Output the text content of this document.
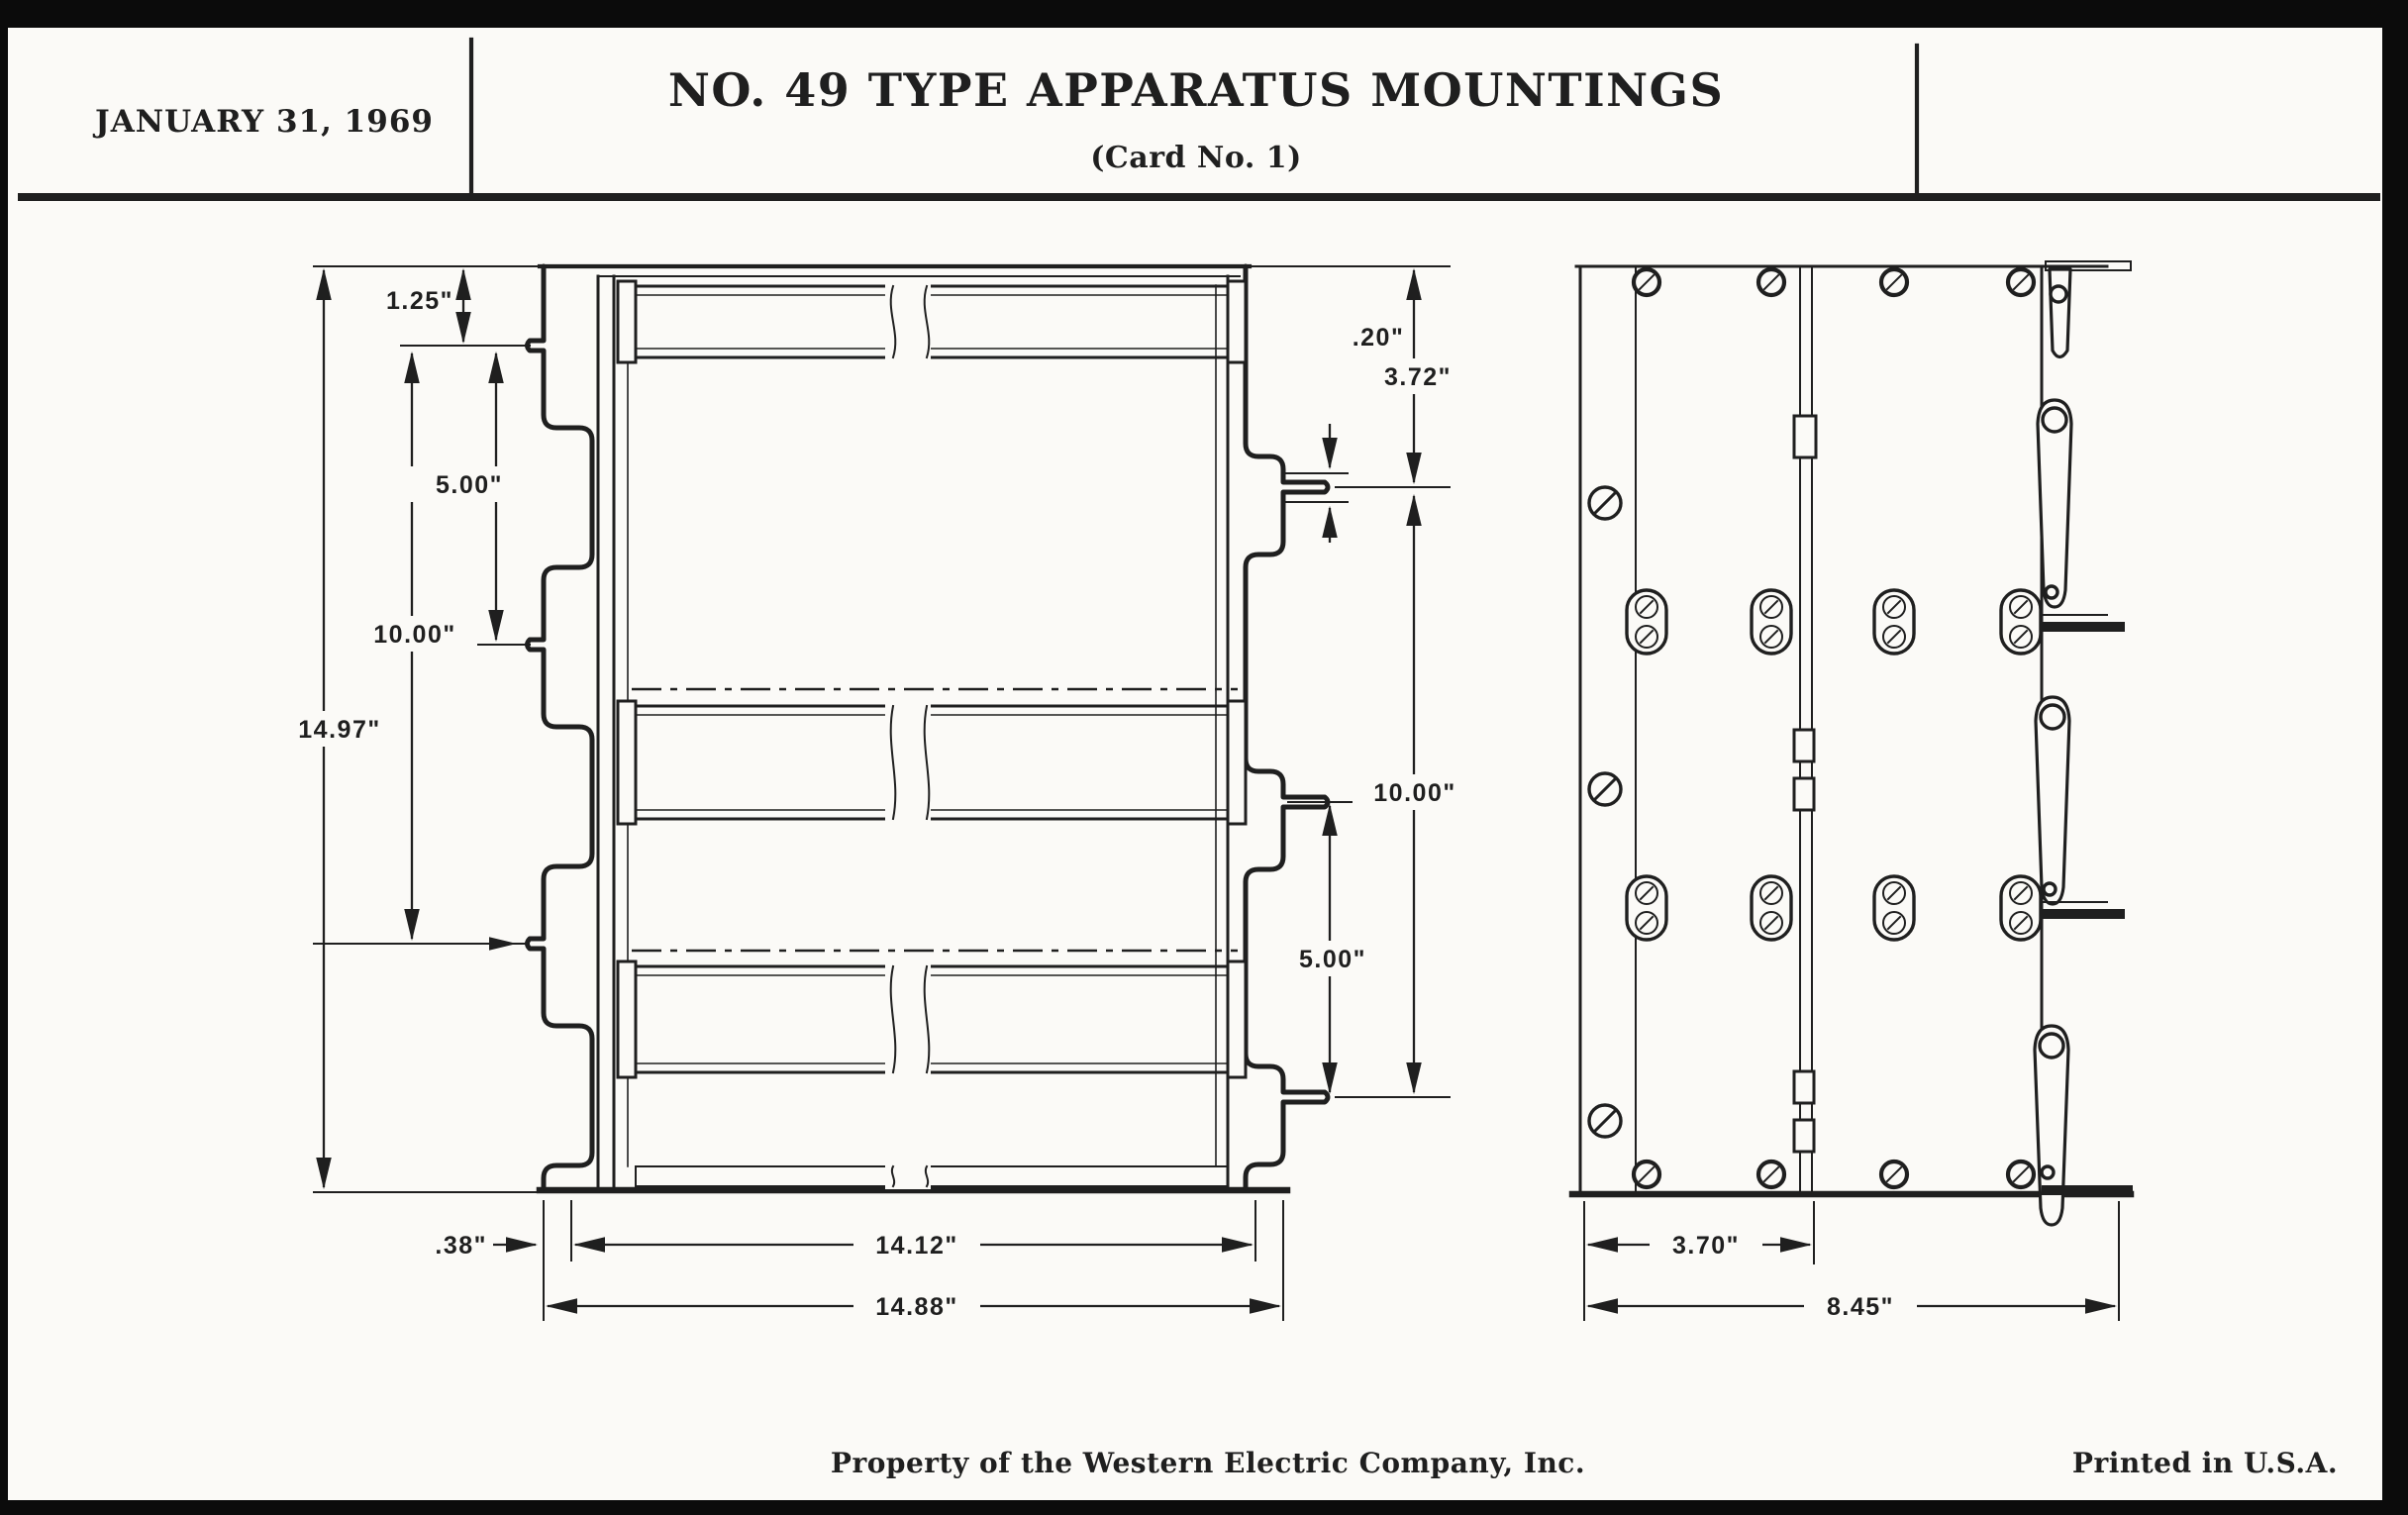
JANUARY 31, 1969
NO. 49 TYPE APPARATUS MOUNTINGS
(Card No. 1)
1.25"
5.00"
10.00"
14.97"
3.72"
.20"
10.00"
5.00"
.38"	14.12"
14.88"
3.70"
8.45"
Property of the Western Electric Company, Inc.	Printed in U.S.A.
